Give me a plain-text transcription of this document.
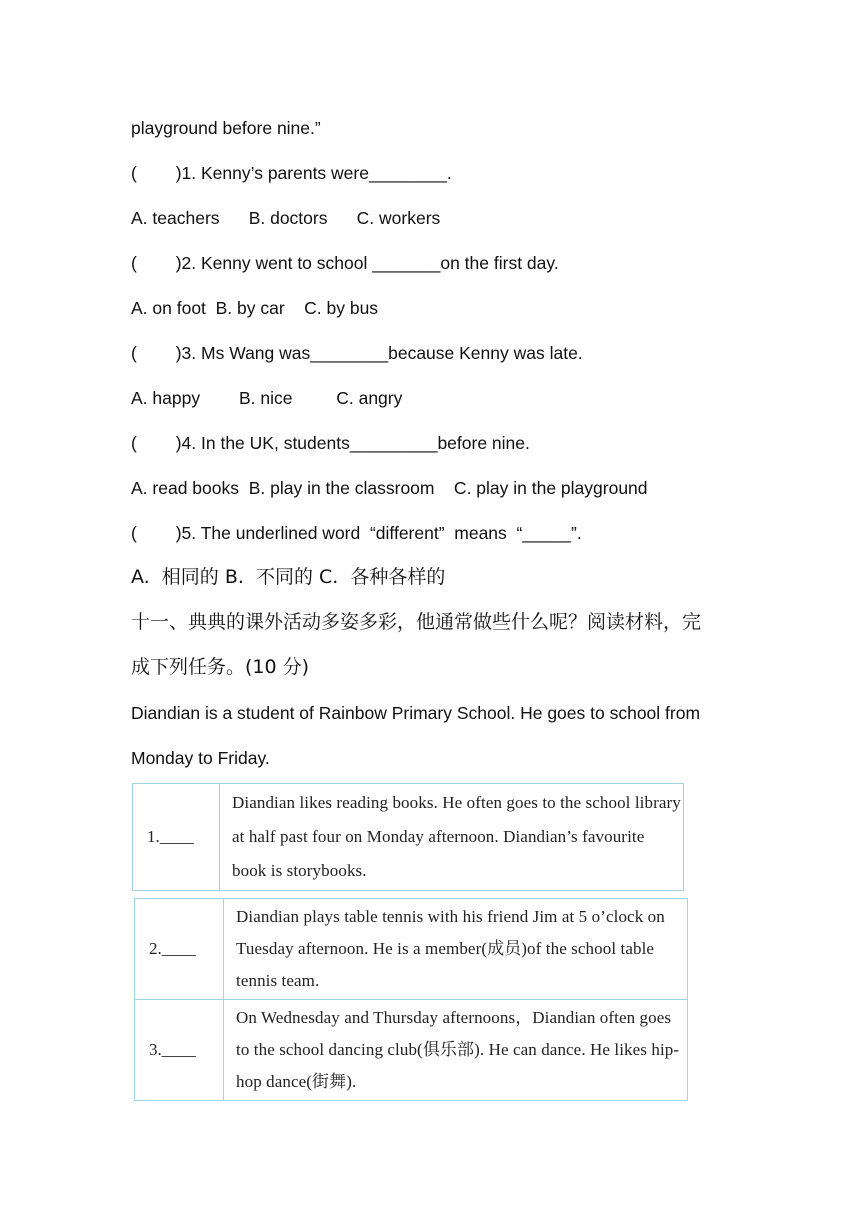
playground before nine.”
(        )1. Kenny’s parents were________.
A. teachers      B. doctors      C. workers
(        )2. Kenny went to school _______on the first day.
A. on foot  B. by car    C. by bus
(        )3. Ms Wang was________because Kenny was late.
A. happy        B. nice         C. angry
(        )4. In the UK, students_________before nine.
A. read books  B. play in the classroom    C. play in the playground
(        )5. The underlined word  “different”  means  “_____”.
A.  相同的 B.  不同的 C.  各种各样的
十一、典典的课外活动多姿多彩，他通常做些什么呢？阅读材料，完
成下列任务。(10 分)
Diandian is a student of Rainbow Primary School. He goes to school from
Monday to Friday.
1.____	Diandian likes reading books. He often goes to the school library at half past four on Monday afternoon. Diandian’s favourite book is storybooks.
2.____	Diandian plays table tennis with his friend Jim at 5 o’clock on Tuesday afternoon. He is a member(成员)of the school table tennis team.
3.____	On Wednesday and Thursday afternoons，Diandian often goes to the school dancing club(俱乐部). He can dance. He likes hip-hop dance(街舞).
